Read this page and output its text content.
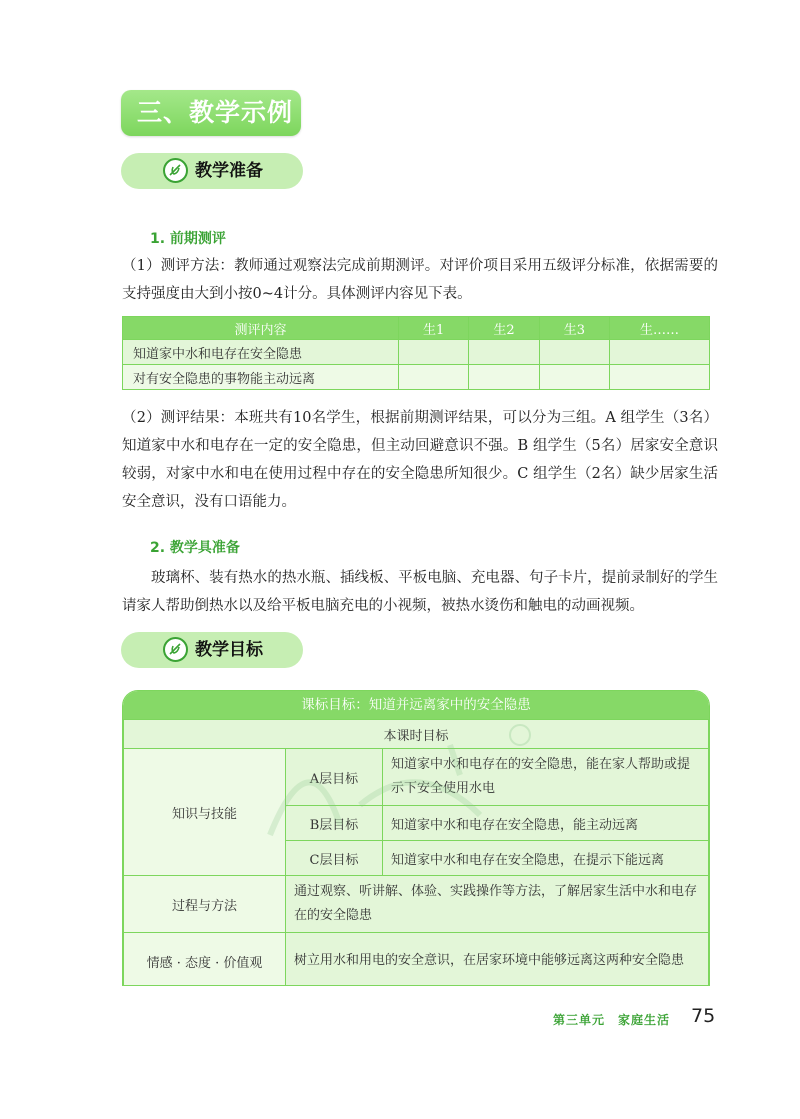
三、教学示例
教学准备
1. 前期测评
（1）测评方法：教师通过观察法完成前期测评。对评价项目采用五级评分标准，依据需要的支持强度由大到小按0~4计分。具体测评内容见下表。
测评内容	生1	生2	生3	生……
知道家中水和电存在安全隐患				
对有安全隐患的事物能主动远离				
（2）测评结果：本班共有10名学生，根据前期测评结果，可以分为三组。A 组学生（3名）知道家中水和电存在一定的安全隐患，但主动回避意识不强。B 组学生（5名）居家安全意识较弱，对家中水和电在使用过程中存在的安全隐患所知很少。C 组学生（2名）缺少居家生活安全意识，没有口语能力。
2. 教学具准备
玻璃杯、装有热水的热水瓶、插线板、平板电脑、充电器、句子卡片，提前录制好的学生请家人帮助倒热水以及给平板电脑充电的小视频，被热水烫伤和触电的动画视频。
教学目标
课标目标：知道并远离家中的安全隐患
本课时目标		
知识与技能	A层目标	知道家中水和电存在的安全隐患，能在家人帮助或提示下安全使用水电
	B层目标	知道家中水和电存在安全隐患，能主动远离
	C层目标	知道家中水和电存在安全隐患，在提示下能远离
过程与方法	通过观察、听讲解、体验、实践操作等方法，了解居家生活中水和电存在的安全隐患	
情感 · 态度 · 价值观	树立用水和用电的安全意识，在居家环境中能够远离这两种安全隐患	
第三单元　家庭生活 75
